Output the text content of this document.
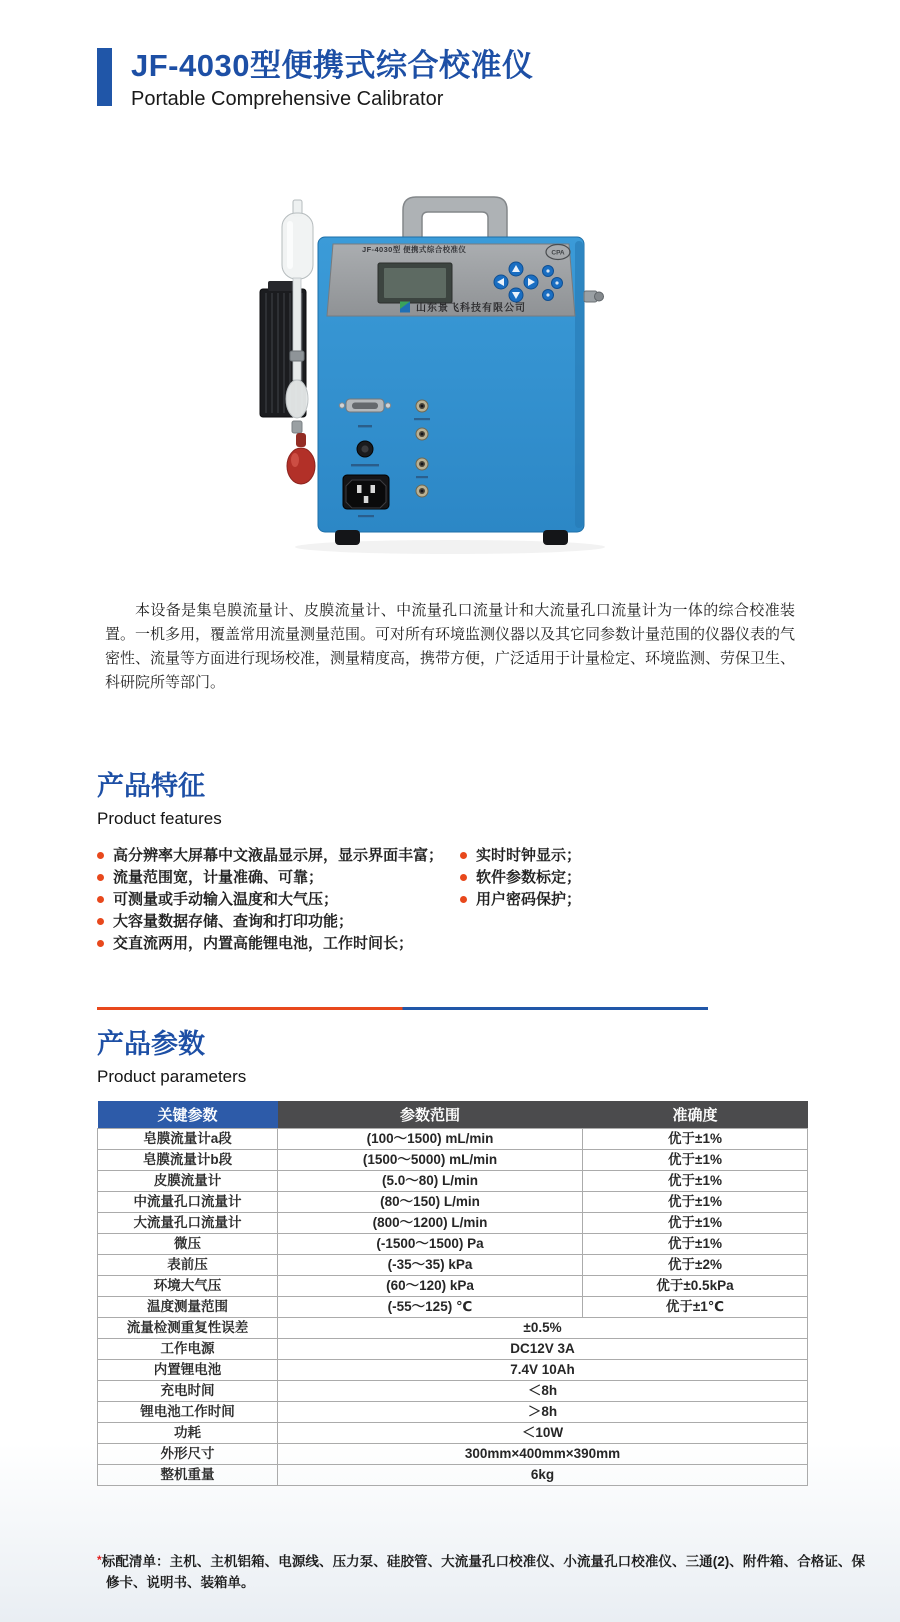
JF-4030型便携式综合校准仪

Portable Comprehensive Calibrator

JF-4030型 便携式综合校准仪	CPA
山东景飞科技有限公司

本设备是集皂膜流量计、皮膜流量计、中流量孔口流量计和大流量孔口流量计为一体的综合校准装置。一机多用，覆盖常用流量测量范围。可对所有环境监测仪器以及其它同参数计量范围的仪器仪表的气密性、流量等方面进行现场校准，测量精度高，携带方便，广泛适用于计量检定、环境监测、劳保卫生、科研院所等部门。

产品特征

Product features

高分辨率大屏幕中文液晶显示屏，显示界面丰富；
流量范围宽，计量准确、可靠；
可测量或手动输入温度和大气压；
大容量数据存储、查询和打印功能；
交直流两用，内置高能锂电池，工作时间长；
实时时钟显示；
软件参数标定；
用户密码保护；
产品参数

Product parameters

关键参数	参数范围	准确度
皂膜流量计a段	(100～1500) mL/min	优于±1%
皂膜流量计b段	(1500～5000) mL/min	优于±1%
皮膜流量计	(5.0～80) L/min	优于±1%
中流量孔口流量计	(80～150) L/min	优于±1%
大流量孔口流量计	(800～1200) L/min	优于±1%
微压	(-1500～1500) Pa	优于±1%
表前压	(-35～35) kPa	优于±2%
环境大气压	(60～120) kPa	优于±0.5kPa
温度测量范围	(-55～125) ℃	优于±1℃
流量检测重复性误差	±0.5%	
工作电源	DC12V 3A	
内置锂电池	7.4V 10Ah	
充电时间	＜8h	
锂电池工作时间	＞8h	
功耗	＜10W	
外形尺寸	300mm×400mm×390mm	
整机重量	6kg	

*标配清单：主机、主机铝箱、电源线、压力泵、硅胶管、大流量孔口校准仪、小流量孔口校准仪、三通(2)、附件箱、合格证、保修卡、说明书、装箱单。
